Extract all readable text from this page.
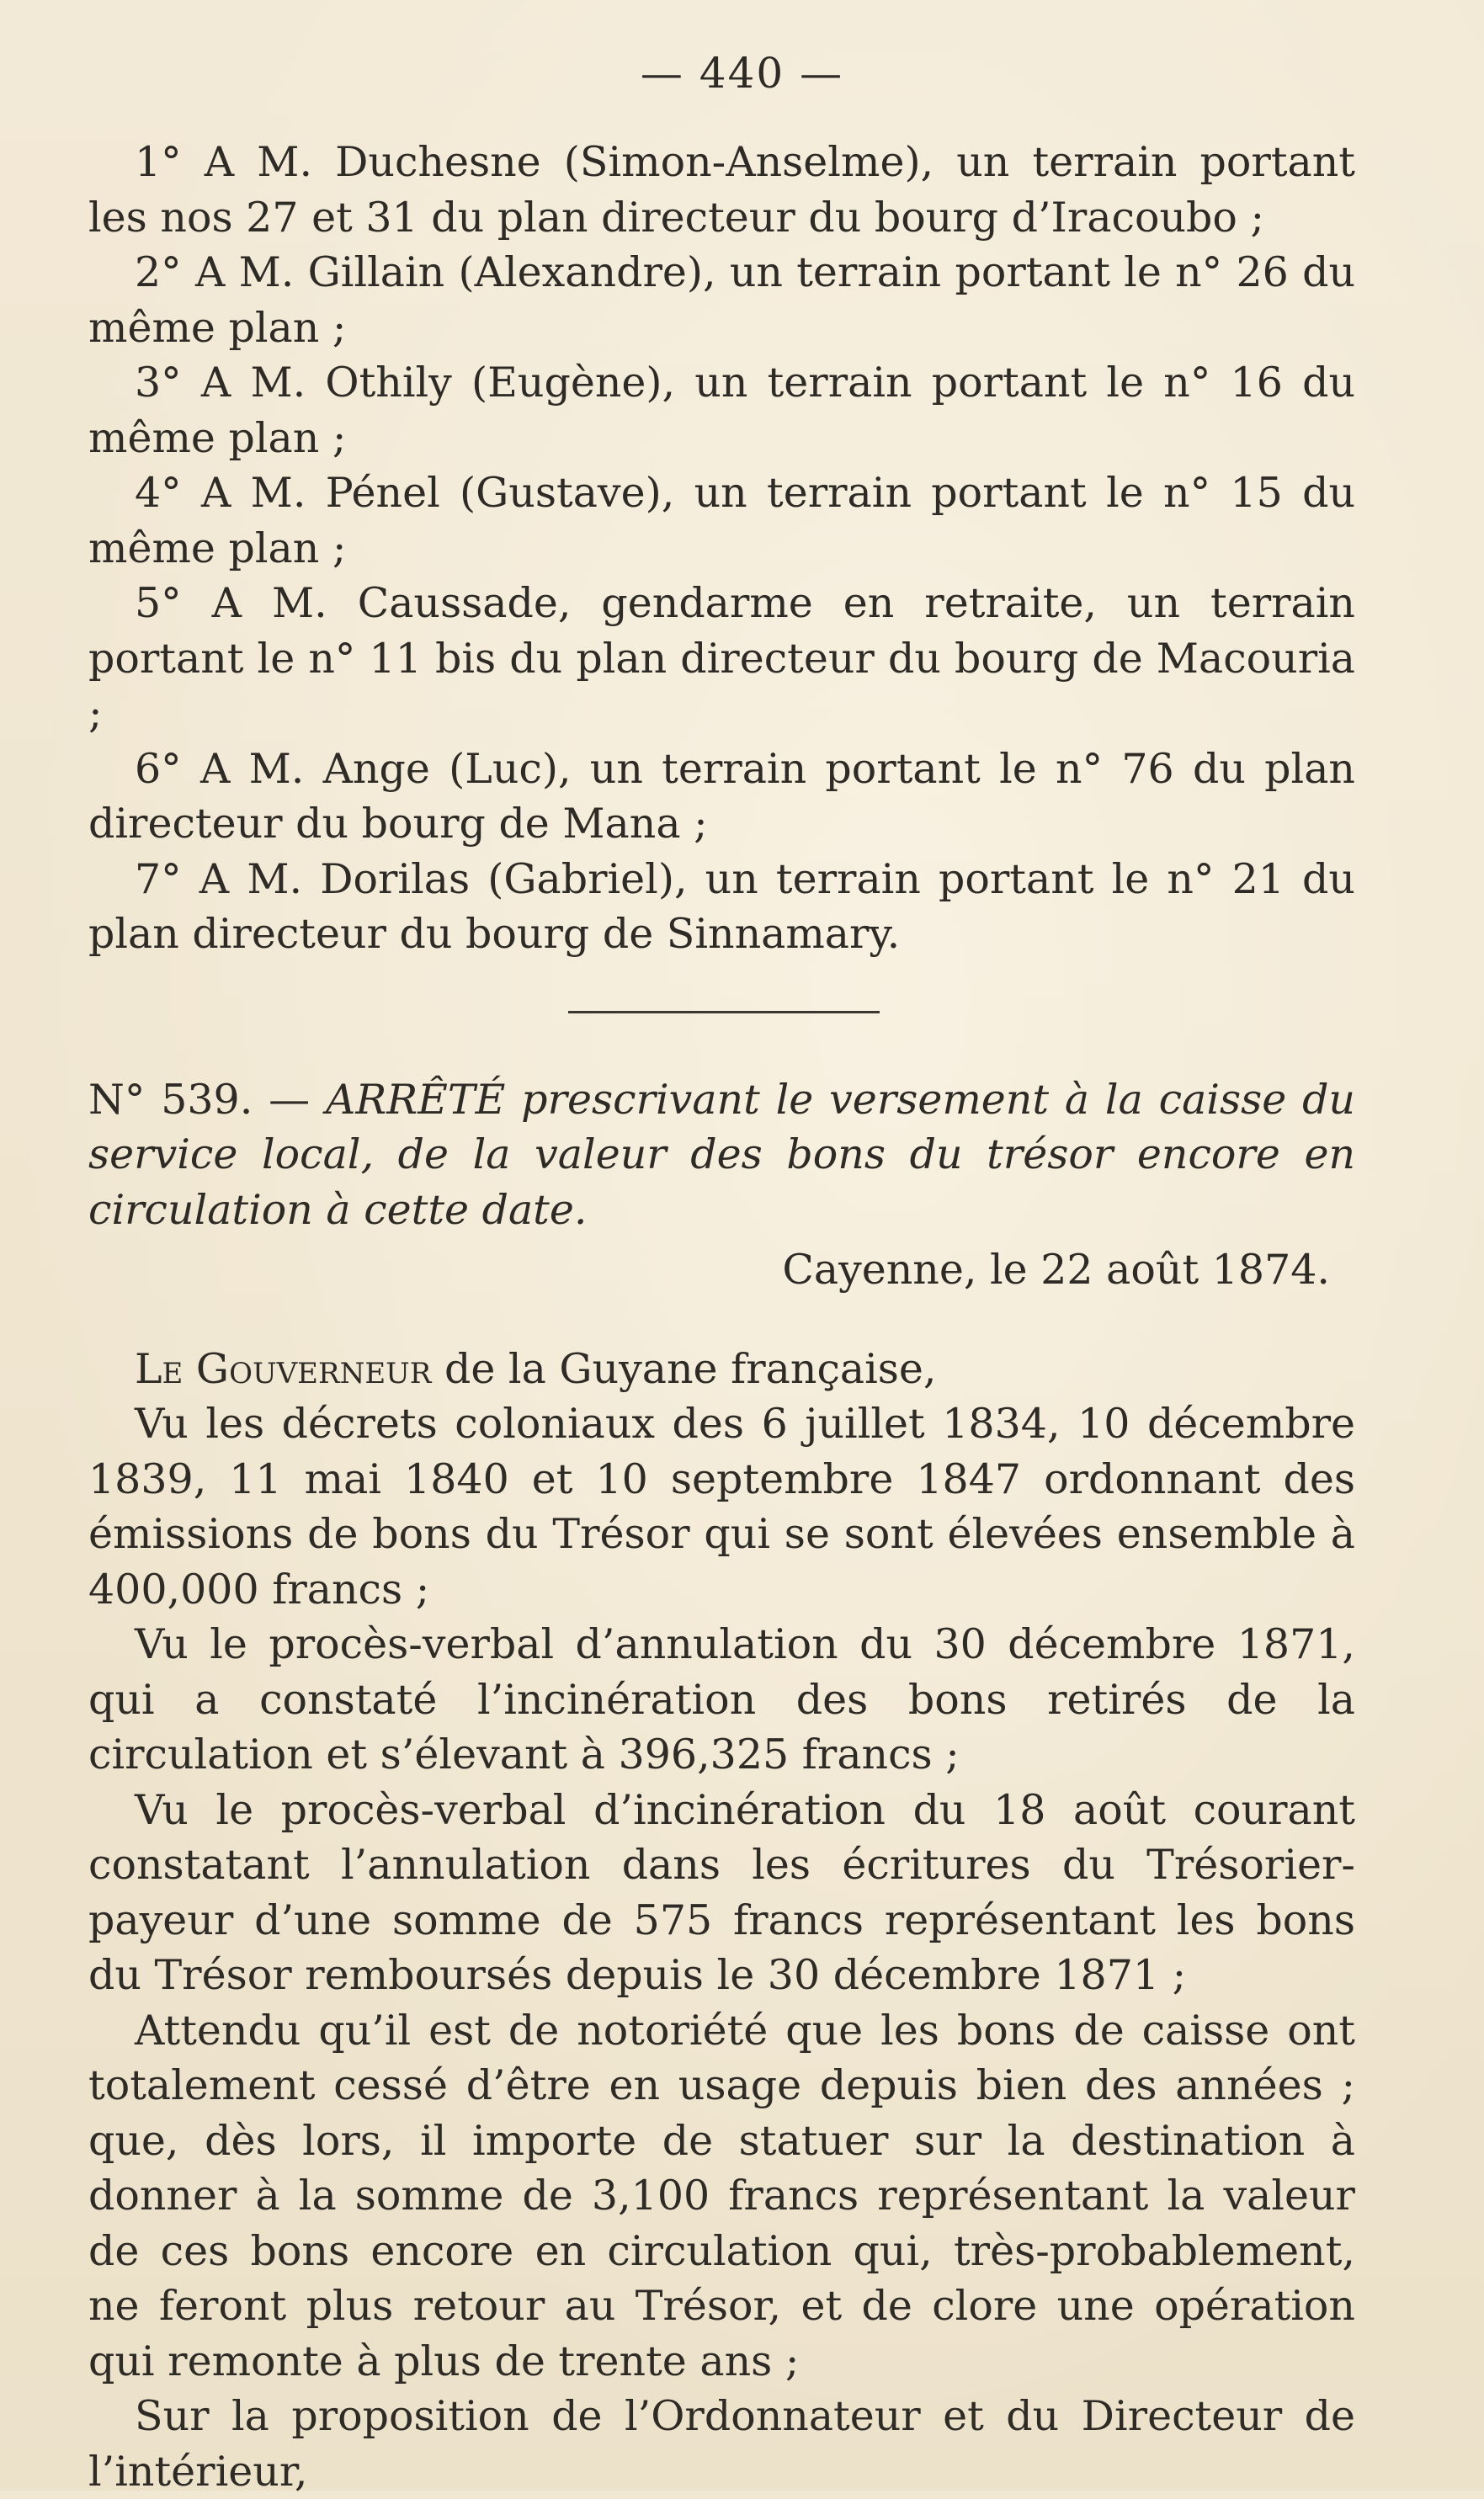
— 440 —

1° A M. Duchesne (Simon-Anselme), un terrain portant les nos 27 et 31 du plan directeur du bourg d’Iracoubo ;

2° A M. Gillain (Alexandre), un terrain portant le n° 26 du même plan ;

3° A M. Othily (Eugène), un terrain portant le n° 16 du même plan ;

4° A M. Pénel (Gustave), un terrain portant le n° 15 du même plan ;

5° A M. Caussade, gendarme en retraite, un terrain portant le n° 11 bis du plan directeur du bourg de Macouria ;

6° A M. Ange (Luc), un terrain portant le n° 76 du plan directeur du bourg de Mana ;

7° A M. Dorilas (Gabriel), un terrain portant le n° 21 du plan directeur du bourg de Sinnamary.

N° 539. — ARRÊTÉ prescrivant le versement à la caisse du service local, de la valeur des bons du trésor encore en circulation à cette date.

Cayenne, le 22 août 1874.

Le Gouverneur de la Guyane française,

Vu les décrets coloniaux des 6 juillet 1834, 10 décembre 1839, 11 mai 1840 et 10 septembre 1847 ordonnant des émissions de bons du Trésor qui se sont élevées ensemble à 400,000 francs ;

Vu le procès-verbal d’annulation du 30 décembre 1871, qui a constaté l’incinération des bons retirés de la circulation et s’élevant à 396,325 francs ;

Vu le procès-verbal d’incinération du 18 août courant constatant l’annulation dans les écritures du Trésorier-payeur d’une somme de 575 francs représentant les bons du Trésor remboursés depuis le 30 décembre 1871 ;

Attendu qu’il est de notoriété que les bons de caisse ont totalement cessé d’être en usage depuis bien des années ; que, dès lors, il importe de statuer sur la destination à donner à la somme de 3,100 francs représentant la valeur de ces bons encore en circulation qui, très-probablement, ne feront plus retour au Trésor, et de clore une opération qui remonte à plus de trente ans ;

Sur la proposition de l’Ordonnateur et du Directeur de l’intérieur,
